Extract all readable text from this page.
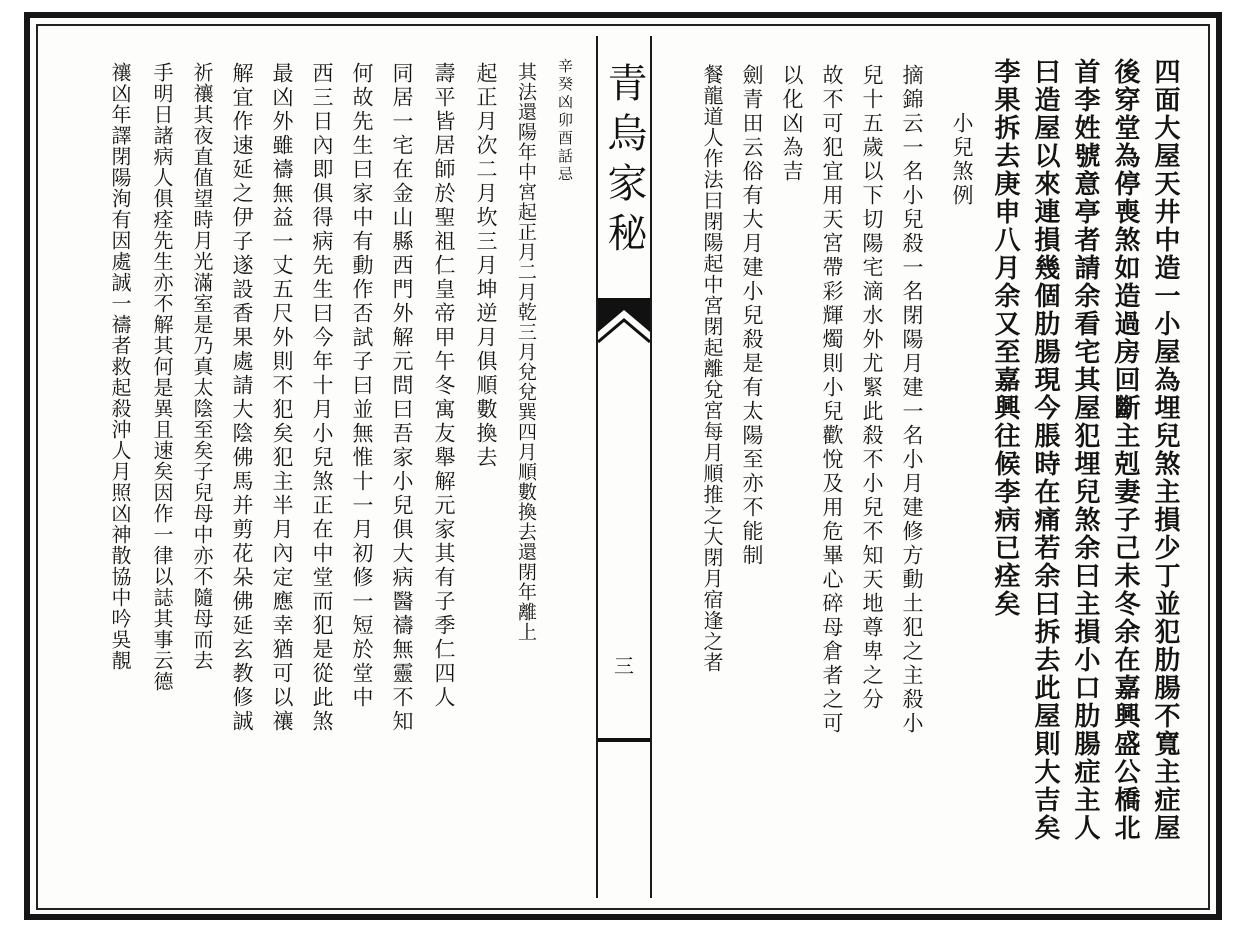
青烏家秘
三	四面大屋天井中造一小屋為埋兒煞主損少丁並犯肋腸不寬主症屋
後穿堂為停喪煞如造過房回斷主剋妻子己未冬余在嘉興盛公橋北
首李姓號意亭者請余看宅其屋犯埋兒煞余曰主損小口肋腸症主人
曰造屋以來連損幾個肋腸現今脹時在痛若余曰拆去此屋則大吉矣
李果拆去庚申八月余又至嘉興往候李病已痊矣
小兒煞例
摘錦云一名小兒殺一名閉陽月建一名小月建修方動土犯之主殺小
兒十五歲以下切陽宅滴水外尤緊此殺不小兒不知天地尊卑之分
故不可犯宜用天宮帶彩輝燭則小兒歡悅及用危畢心碎母倉者之可
以化凶為吉
劍青田云俗有大月建小兒殺是有太陽至亦不能制
餐龍道人作法曰閉陽起中宮閉起離兌宮每月順推之大閉月宿逢之者
辛癸凶卯酉話忌
其法還陽年中宮起正月二月乾三月兌兌巽四月順數換去還閉年離上
起正月次二月坎三月坤逆月俱順數換去
壽平皆居師於聖祖仁皇帝甲午冬寓友舉解元家其有子季仁四人
同居一宅在金山縣西門外解元問曰吾家小兒俱大病醫禱無靈不知
何故先生曰家中有動作否試子曰並無惟十一月初修一短於堂中
西三日內即俱得病先生曰今年十月小兒煞正在中堂而犯是從此煞
最凶外雖禱無益一丈五尺外則不犯矣犯主半月內定應幸猶可以禳
解宜作速延之伊子遂設香果處請大陰佛馬并剪花朵佛延玄教修誠
祈禳其夜直值望時月光滿室是乃真太陰至矣子兒母中亦不隨母而去
手明日諸病人俱痊先生亦不解其何是異且速矣因作一律以誌其事云德
禳凶年譯閉陽洵有因處誠一禱者救起殺沖人月照凶神散協中吟吳靚
